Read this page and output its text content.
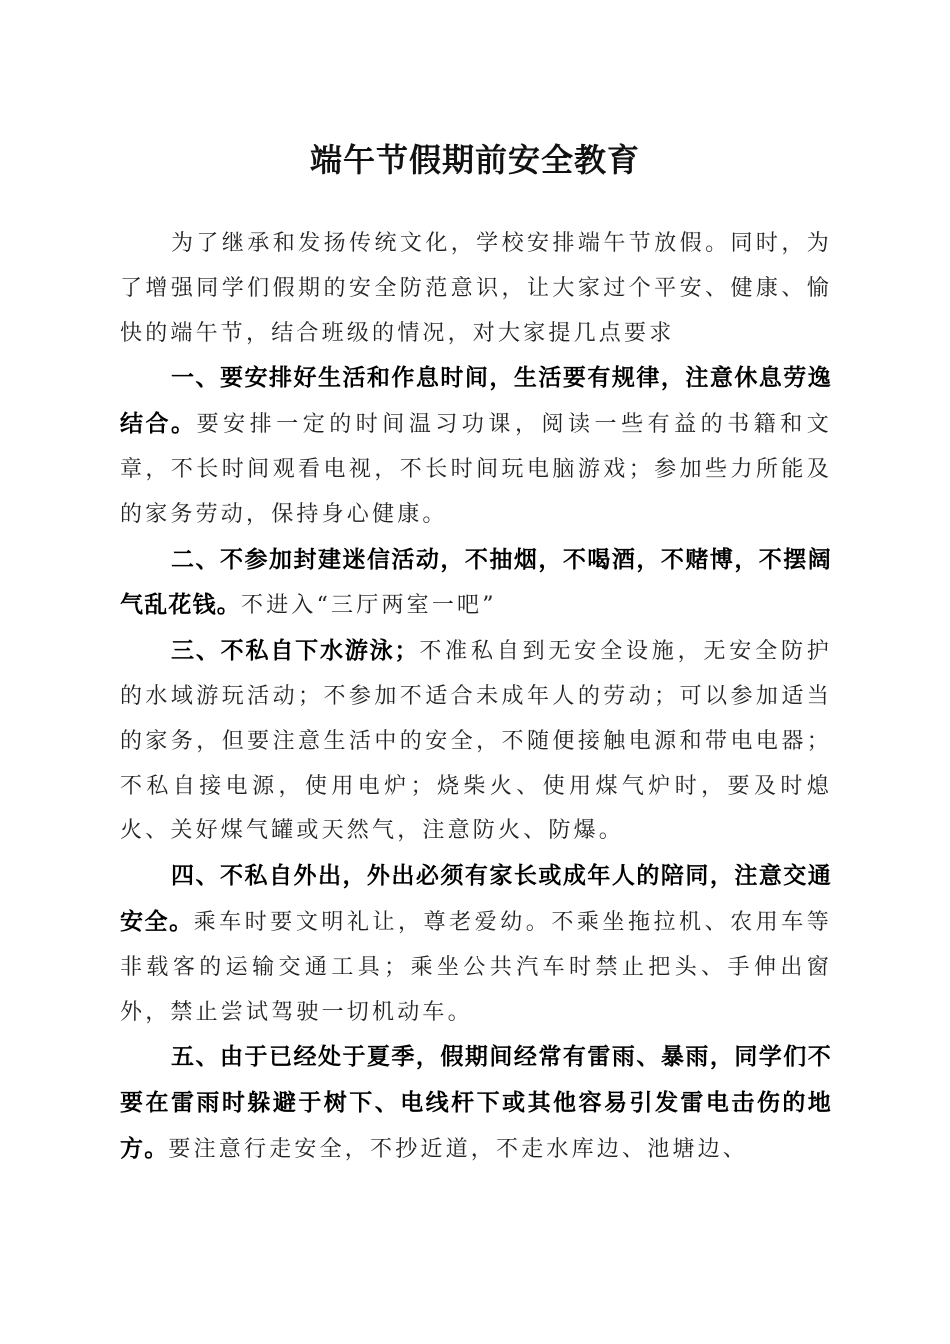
端午节假期前安全教育

为了继承和发扬传统文化，学校安排端午节放假。同时，为了增强同学们假期的安全防范意识，让大家过个平安、健康、愉快的端午节，结合班级的情况，对大家提几点要求

一、要安排好生活和作息时间，生活要有规律，注意休息劳逸结合。要安排一定的时间温习功课，阅读一些有益的书籍和文章，不长时间观看电视，不长时间玩电脑游戏；参加些力所能及的家务劳动，保持身心健康。

二、不参加封建迷信活动，不抽烟，不喝酒，不赌博，不摆阔气乱花钱。不进入“三厅两室一吧”

三、不私自下水游泳；不准私自到无安全设施，无安全防护的水域游玩活动；不参加不适合未成年人的劳动；可以参加适当的家务，但要注意生活中的安全，不随便接触电源和带电电器；不私自接电源，使用电炉；烧柴火、使用煤气炉时，要及时熄火、关好煤气罐或天然气，注意防火、防爆。

四、不私自外出，外出必须有家长或成年人的陪同，注意交通安全。乘车时要文明礼让，尊老爱幼。不乘坐拖拉机、农用车等非载客的运输交通工具；乘坐公共汽车时禁止把头、手伸出窗外，禁止尝试驾驶一切机动车。

五、由于已经处于夏季，假期间经常有雷雨、暴雨，同学们不要在雷雨时躲避于树下、电线杆下或其他容易引发雷电击伤的地方。要注意行走安全，不抄近道，不走水库边、池塘边、
